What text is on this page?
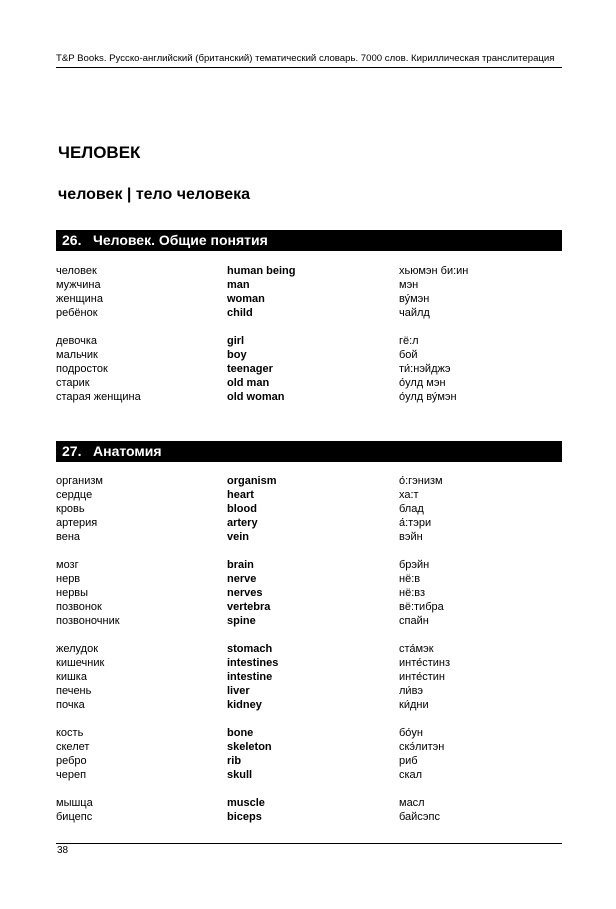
T&P Books. Русско-английский (британский) тематический словарь. 7000 слов. Кириллическая транслитерация
ЧЕЛОВЕК
человек | тело человека
26. Человек. Общие понятия
человек	human being	хьюмэн би:ин
мужчина	man	мэн
женщина	woman	ву́мэн
ребёнок	child	чайлд
девочка	girl	гё:л
мальчик	boy	бой
подросток	teenager	ти́:нэйджэ
старик	old man	о́улд мэн
старая женщина	old woman	о́улд ву́мэн
27. Анатомия
организм	organism	о́:гэнизм
сердце	heart	ха:т
кровь	blood	блад
артерия	artery	а́:тэри
вена	vein	вэйн
мозг	brain	брэйн
нерв	nerve	нё:в
нервы	nerves	нё:вз
позвонок	vertebra	вё:тибра
позвоночник	spine	спайн
желудок	stomach	ста́мэк
кишечник	intestines	инте́стинз
кишка	intestine	инте́стин
печень	liver	ли́вэ
почка	kidney	ки́дни
кость	bone	бо́ун
скелет	skeleton	скэ́литэн
ребро	rib	риб
череп	skull	скал
мышца	muscle	масл
бицепс	biceps	байсэпс
38
